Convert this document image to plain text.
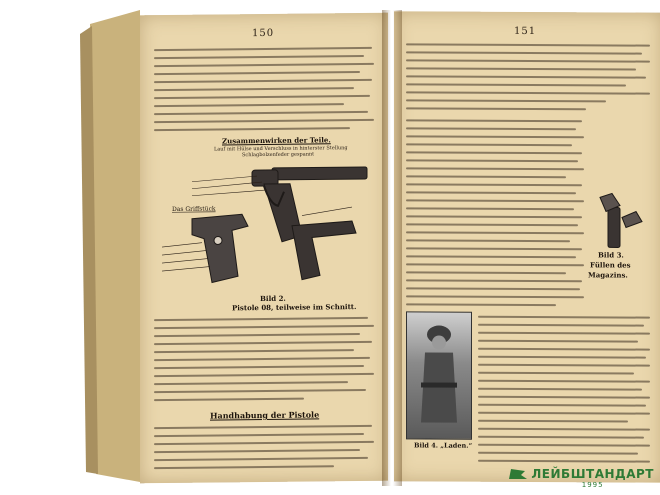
150
Zusammenwirken der Teile.
Lauf mit Hülse und Verschluss in hinterster Stellung
Schlagbolzenfeder gespannt
Das Griffstück
Bild 2.
Pistole 08, teilweise im Schnitt.
Handhabung der Pistole
151
Bild 3.
Füllen des
Magazins.
Bild 4. „Laden.“
ЛЕЙБШТАНДАРТ
1995
